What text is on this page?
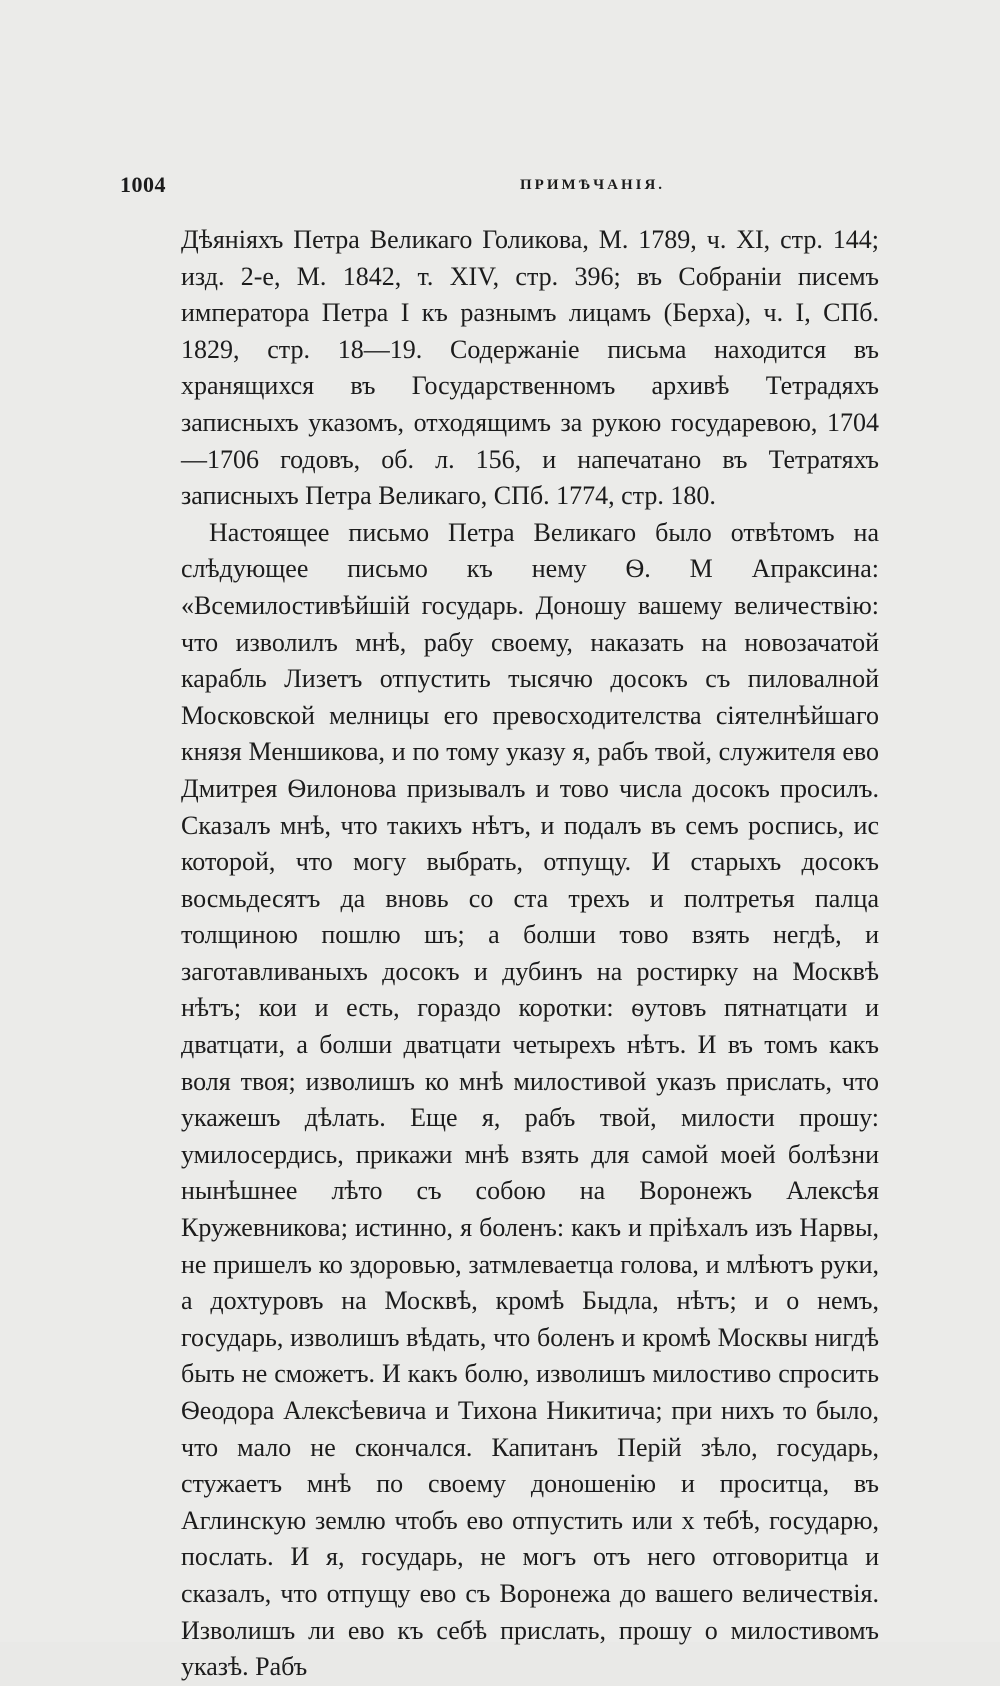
1004	ПРИМѢЧАНІЯ.

Дѣяніяхъ Петра Великаго Голикова, М. 1789, ч. XI, стр. 144; изд. 2-е, М. 1842, т. XIV, стр. 396; въ Собраніи писемъ императора Петра I къ разнымъ лицамъ (Берха), ч. I, СПб. 1829, стр. 18—19. Содержаніе письма находится въ хранящихся въ Государственномъ архивѣ Тетрадяхъ записныхъ указомъ, отходящимъ за рукою государевою, 1704—1706 годовъ, об. л. 156, и напечатано въ Тетратяхъ записныхъ Петра Великаго, СПб. 1774, стр. 180.

Настоящее письмо Петра Великаго было отвѣтомъ на слѣдующее письмо къ нему Ѳ. М Апраксина: «Всемилостивѣйшій государь. Доношу вашему величествію: что изволилъ мнѣ, рабу своему, наказать на новозачатой карабль Лизетъ отпустить тысячю досокъ съ пиловалной Московской мелницы его превосходителства сіятелнѣйшаго князя Меншикова, и по тому указу я, рабъ твой, служителя ево Дмитрея Ѳилонова призывалъ и тово числа досокъ просилъ. Сказалъ мнѣ, что такихъ нѣтъ, и подалъ въ семъ роспись, ис которой, что могу выбрать, отпущу. И старыхъ досокъ восмьдесятъ да вновь со ста трехъ и полтретья палца толщиною пошлю шъ; а болши тово взять негдѣ, и заготавливаныхъ досокъ и дубинъ на ростирку на Москвѣ нѣтъ; кои и есть, гораздо коротки: ѳутовъ пятнатцати и дватцати, а болши дватцати четырехъ нѣтъ. И въ томъ какъ воля твоя; изволишъ ко мнѣ милостивой указъ прислать, что укажешъ дѣлать. Еще я, рабъ твой, милости прошу: умилосердись, прикажи мнѣ взять для самой моей болѣзни нынѣшнее лѣто съ собою на Воронежъ Алексѣя Кружевникова; истинно, я боленъ: какъ и пріѣхалъ изъ Нарвы, не пришелъ ко здоровью, затмлеваетца голова, и млѣютъ руки, а дохтуровъ на Москвѣ, кромѣ Быдла, нѣтъ; и о немъ, государь, изволишъ вѣдать, что боленъ и кромѣ Москвы нигдѣ быть не сможетъ. И какъ болю, изволишъ милостиво спросить Ѳеодора Алексѣевича и Тихона Никитича; при нихъ то было, что мало не скончался. Капитанъ Перій зѣло, государь, стужаетъ мнѣ по своему доношенію и проситца, въ Аглинскую землю чтобъ ево отпустить или х тебѣ, государю, послать. И я, государь, не могъ отъ него отговоритца и сказалъ, что отпущу ево съ Воронежа до вашего величествія. Изволишъ ли ево къ себѣ прислать, прошу о милостивомъ указѣ. Рабъ
